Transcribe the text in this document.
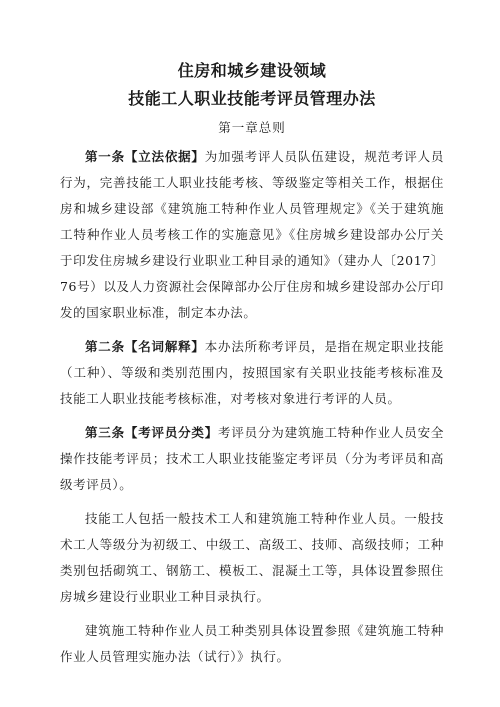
住房和城乡建设领域
技能工人职业技能考评员管理办法
第一章总则

第一条【立法依据】为加强考评人员队伍建设，规范考评人员行为，完善技能工人职业技能考核、等级鉴定等相关工作，根据住房和城乡建设部《建筑施工特种作业人员管理规定》《关于建筑施工特种作业人员考核工作的实施意见》《住房城乡建设部办公厅关于印发住房城乡建设行业职业工种目录的通知》（建办人〔2017〕76号）以及人力资源社会保障部办公厅住房和城乡建设部办公厅印发的国家职业标准，制定本办法。

第二条【名词解释】本办法所称考评员，是指在规定职业技能（工种）、等级和类别范围内，按照国家有关职业技能考核标准及技能工人职业技能考核标准，对考核对象进行考评的人员。

第三条【考评员分类】考评员分为建筑施工特种作业人员安全操作技能考评员；技术工人职业技能鉴定考评员（分为考评员和高级考评员）。

技能工人包括一般技术工人和建筑施工特种作业人员。一般技术工人等级分为初级工、中级工、高级工、技师、高级技师；工种类别包括砌筑工、钢筋工、模板工、混凝土工等，具体设置参照住房城乡建设行业职业工种目录执行。

建筑施工特种作业人员工种类别具体设置参照《建筑施工特种作业人员管理实施办法（试行）》执行。
